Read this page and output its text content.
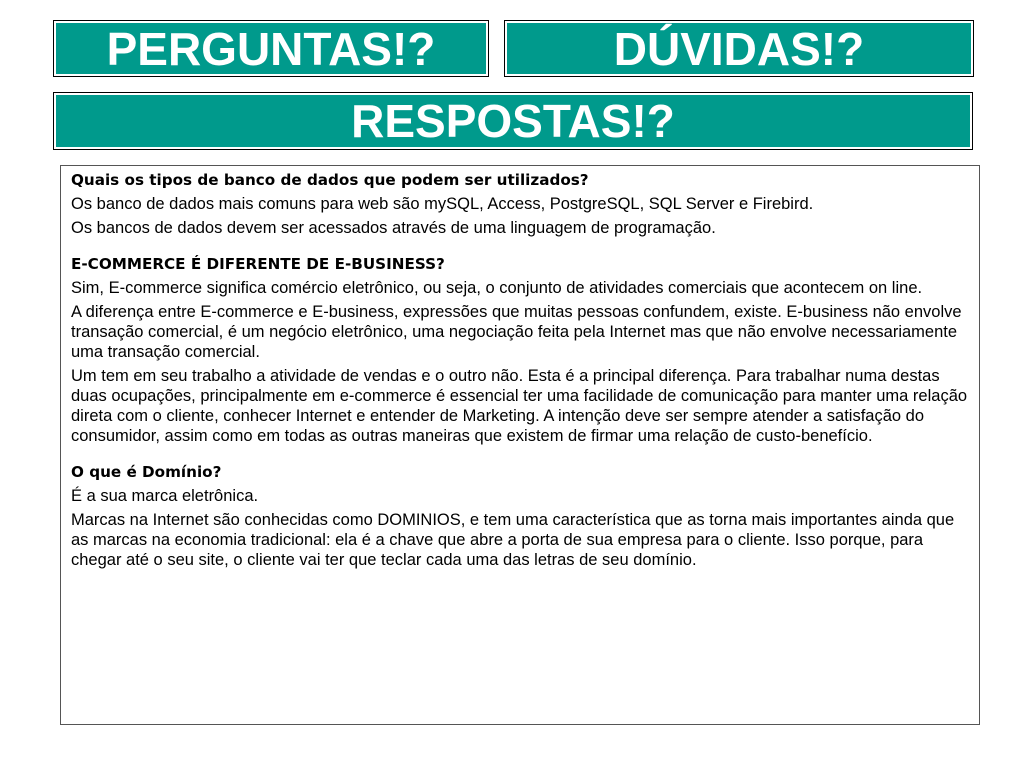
PERGUNTAS!?	DÚVIDAS!?
RESPOSTAS!?

Quais os tipos de banco de dados que podem ser utilizados?

Os banco de dados mais comuns para web são mySQL, Access, PostgreSQL, SQL Server e Firebird.

Os bancos de dados devem ser acessados através de uma linguagem de programação.

E-COMMERCE É DIFERENTE DE E-BUSINESS?

Sim, E-commerce significa comércio eletrônico, ou seja, o conjunto de atividades comerciais que acontecem on line.

A diferença entre E-commerce e E-business, expressões que muitas pessoas confundem, existe. E-business não envolve transação comercial, é um negócio eletrônico, uma negociação feita pela Internet mas que não envolve necessariamente uma transação comercial.

Um tem em seu trabalho a atividade de vendas e o outro não. Esta é a principal diferença. Para trabalhar numa destas duas ocupações, principalmente em e-commerce é essencial ter uma facilidade de comunicação para manter uma relação direta com o cliente, conhecer Internet e entender de Marketing. A intenção deve ser sempre atender a satisfação do consumidor, assim como em todas as outras maneiras que existem de firmar uma relação de custo-benefício.

O que é Domínio?

É a sua marca eletrônica.

Marcas na Internet são conhecidas como DOMINIOS, e tem uma característica que as torna mais importantes ainda que as marcas na economia tradicional: ela é a chave que abre a porta de sua empresa para o cliente. Isso porque, para chegar até o seu site, o cliente vai ter que teclar cada uma das letras de seu domínio.
